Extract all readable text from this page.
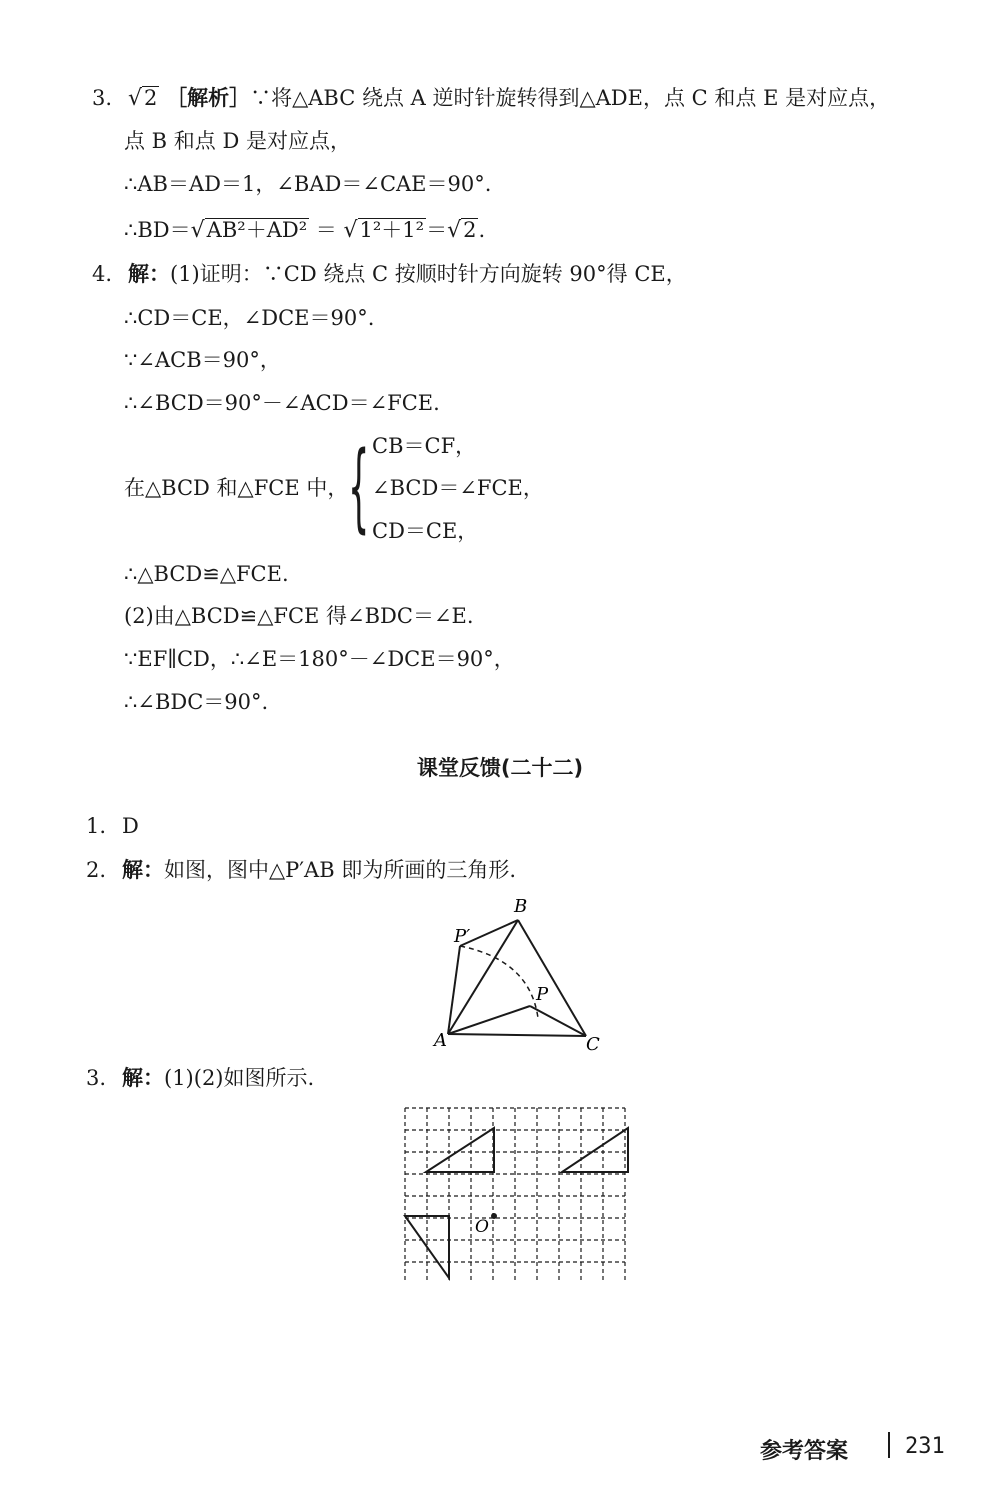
3. √2 ［解析］∵将△ABC 绕点 A 逆时针旋转得到△ADE，点 C 和点 E 是对应点，
点 B 和点 D 是对应点，
∴AB＝AD＝1，∠BAD＝∠CAE＝90°.
∴BD＝√AB²＋AD² ＝ √1²＋1²＝√2.
4. 解：(1)证明：∵CD 绕点 C 按顺时针方向旋转 90°得 CE，
∴CD＝CE，∠DCE＝90°.
∵∠ACB＝90°，
∴∠BCD＝90°－∠ACD＝∠FCE.
在△BCD 和△FCE 中， { CB＝CF，
∠BCD＝∠FCE，
CD＝CE，
∴△BCD≌△FCE.
(2)由△BCD≌△FCE 得∠BDC＝∠E.
∵EF∥CD，∴∠E＝180°－∠DCE＝90°，
∴∠BDC＝90°.
课堂反馈(二十二)
1. D
2. 解：如图，图中△P′AB 即为所画的三角形.
A
B
C
P
P′
3. 解：(1)(2)如图所示.
O
参考答案	231
